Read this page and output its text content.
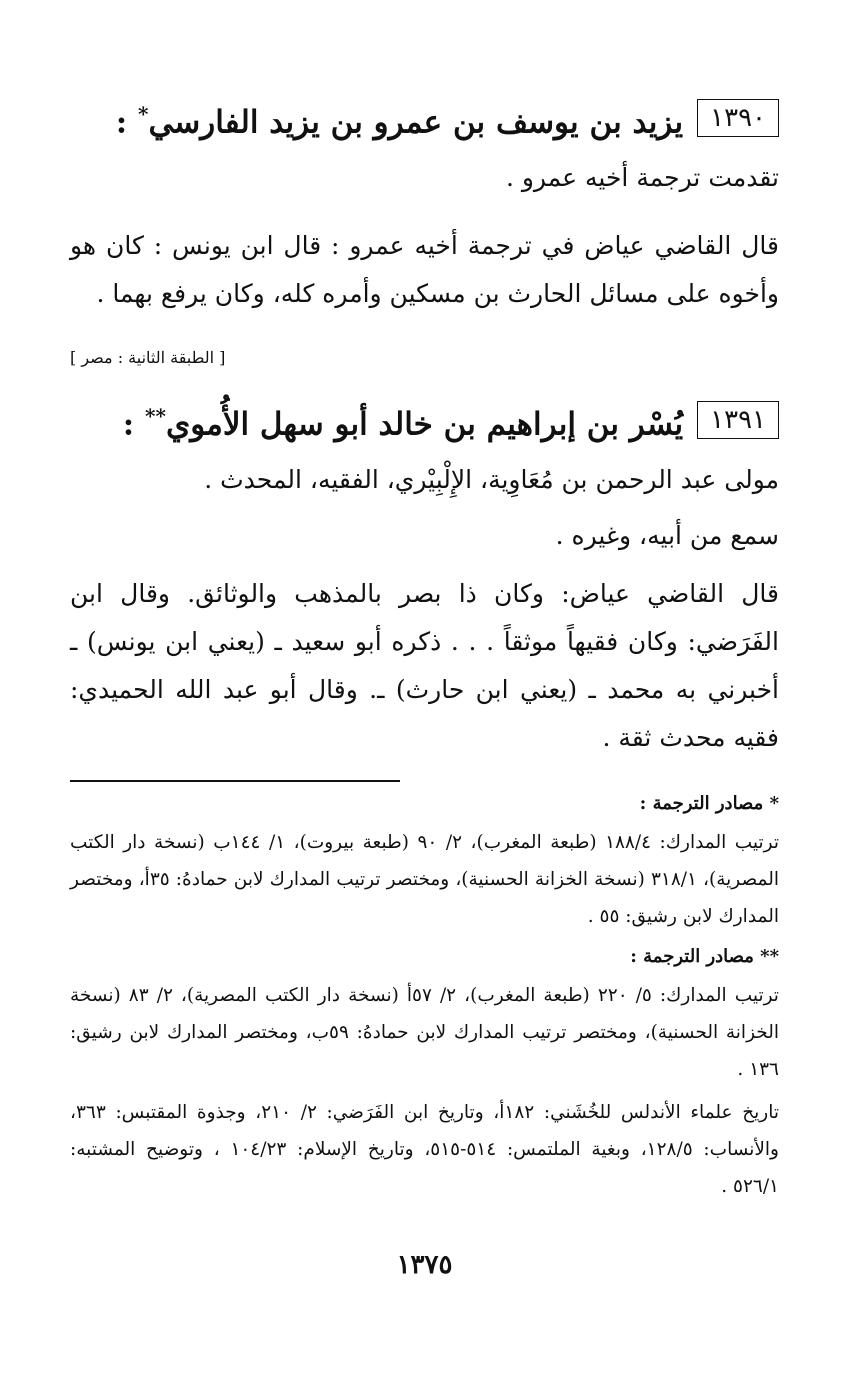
١٣٩٠
يزيد بن يوسف بن عمرو بن يزيد الفارسي* :

تقدمت ترجمة أخيه عمرو .

قال القاضي عياض في ترجمة أخيه عمرو : قال ابن يونس : كان هو وأخوه على مسائل الحارث بن مسكين وأمره كله، وكان يرفع بهما .

[ الطبقة الثانية : مصر ]
١٣٩١
يُسْر بن إبراهيم بن خالد أبو سهل الأُموي** :

مولى عبد الرحمن بن مُعَاوِية، الإِلْبِيْري، الفقيه، المحدث .

سمع من أبيه، وغيره .

قال القاضي عياض: وكان ذا بصر بالمذهب والوثائق. وقال ابن الفَرَضي: وكان فقيهاً موثقاً . . . ذكره أبو سعيد ـ (يعني ابن يونس) ـ أخبرني به محمد ـ (يعني ابن حارث) ـ. وقال أبو عبد الله الحميدي: فقيه محدث ثقة .

* مصادر الترجمة :

ترتيب المدارك: ١٨٨/٤ (طبعة المغرب)، ٢/ ٩٠ (طبعة بيروت)، ١/ ١٤٤ب (نسخة دار الكتب المصرية)، ٣١٨/١ (نسخة الخزانة الحسنية)، ومختصر ترتيب المدارك لابن حمادهُ: ٣٥أ، ومختصر المدارك لابن رشيق: ٥٥ .

** مصادر الترجمة :

ترتيب المدارك: ٥/ ٢٢٠ (طبعة المغرب)، ٢/ ٥٧أ (نسخة دار الكتب المصرية)، ٢/ ٨٣ (نسخة الخزانة الحسنية)، ومختصر ترتيب المدارك لابن حمادهُ: ٥٩ب، ومختصر المدارك لابن رشيق: ١٣٦ .

تاريخ علماء الأندلس للخُشَني: ١٨٢أ، وتاريخ ابن الفَرَضي: ٢/ ٢١٠، وجذوة المقتبس: ٣٦٣، والأنساب: ١٢٨/٥، وبغية الملتمس: ٥١٤-٥١٥، وتاريخ الإسلام: ١٠٤/٢٣ ، وتوضيح المشتبه: ٥٢٦/١ .

١٣٧٥
